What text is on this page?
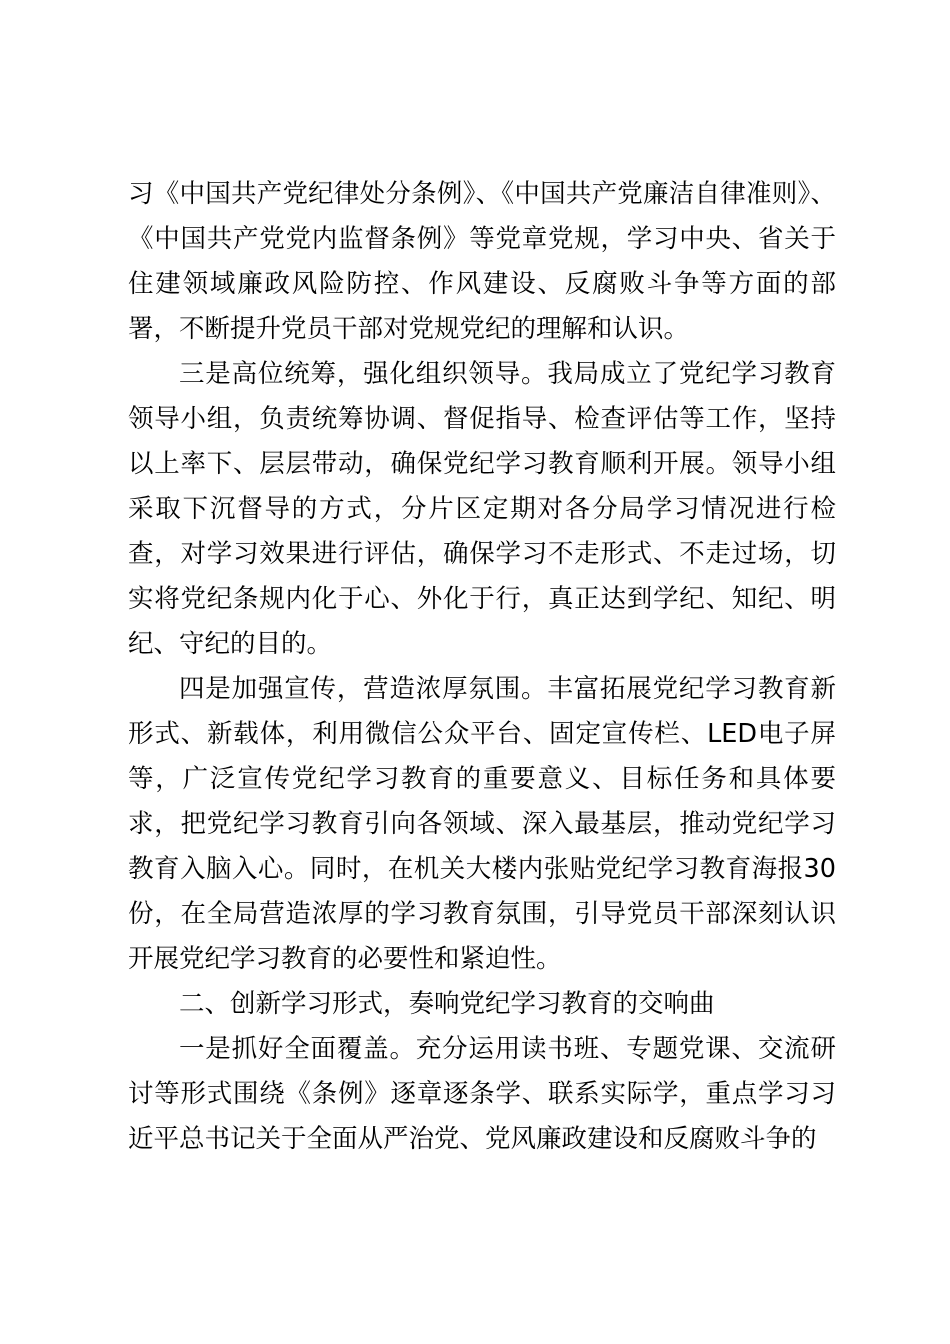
习《中国共产党纪律处分条例》、《中国共产党廉洁自律准则》、《中国共产党党内监督条例》等党章党规，学习中央、省关于住建领域廉政风险防控、作风建设、反腐败斗争等方面的部署，不断提升党员干部对党规党纪的理解和认识。

三是高位统筹，强化组织领导。我局成立了党纪学习教育领导小组，负责统筹协调、督促指导、检查评估等工作，坚持以上率下、层层带动，确保党纪学习教育顺利开展。领导小组采取下沉督导的方式，分片区定期对各分局学习情况进行检查，对学习效果进行评估，确保学习不走形式、不走过场，切实将党纪条规内化于心、外化于行，真正达到学纪、知纪、明纪、守纪的目的。

四是加强宣传，营造浓厚氛围。丰富拓展党纪学习教育新形式、新载体，利用微信公众平台、固定宣传栏、LED电子屏等，广泛宣传党纪学习教育的重要意义、目标任务和具体要求，把党纪学习教育引向各领域、深入最基层，推动党纪学习教育入脑入心。同时，在机关大楼内张贴党纪学习教育海报30份，在全局营造浓厚的学习教育氛围，引导党员干部深刻认识开展党纪学习教育的必要性和紧迫性。

二、创新学习形式，奏响党纪学习教育的交响曲

一是抓好全面覆盖。充分运用读书班、专题党课、交流研讨等形式围绕《条例》逐章逐条学、联系实际学，重点学习习近平总书记关于全面从严治党、党风廉政建设和反腐败斗争的
